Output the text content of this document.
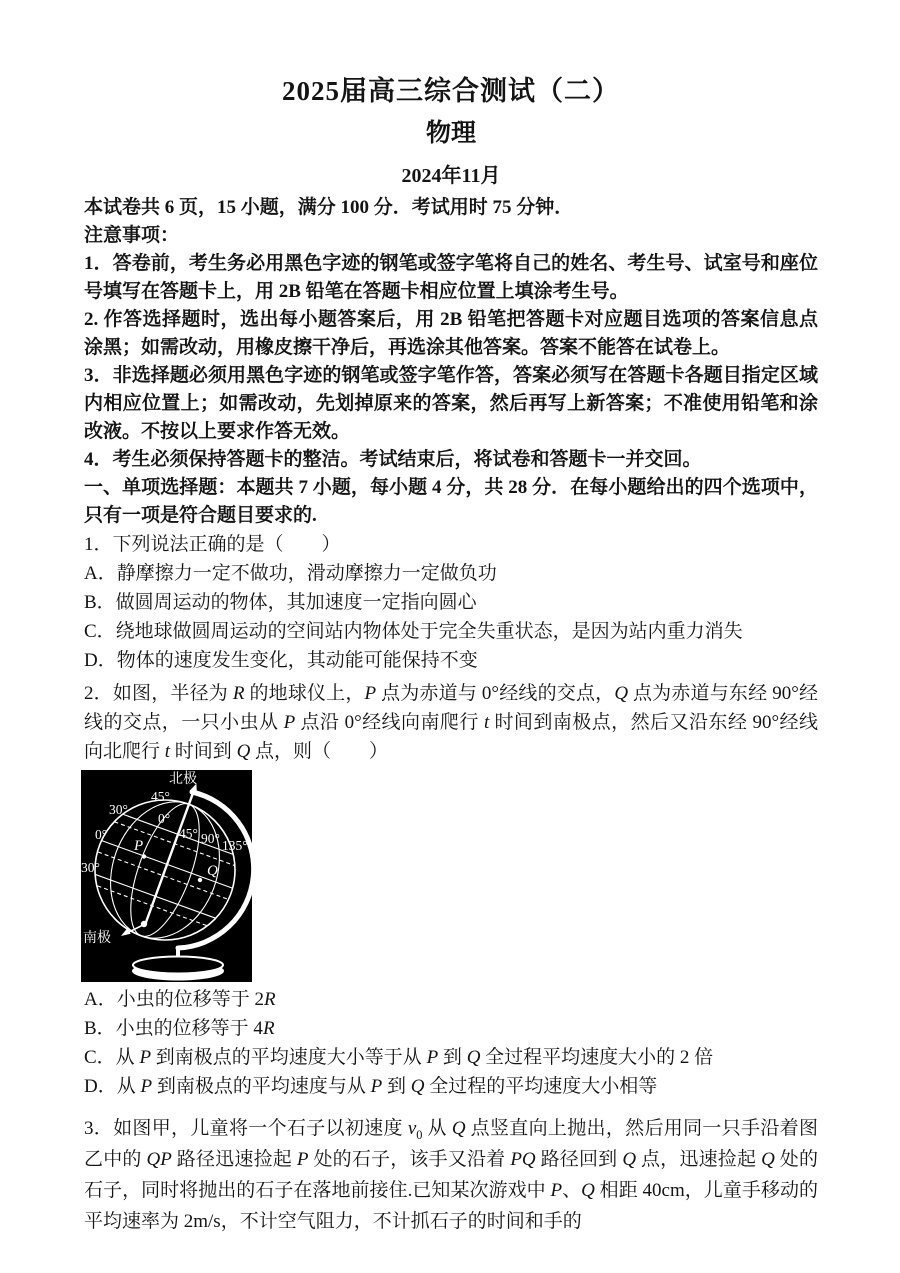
2025届高三综合测试（二）
物理
2024年11月

本试卷共 6 页，15 小题，满分 100 分．考试用时 75 分钟．

注意事项：

1．答卷前，考生务必用黑色字迹的钢笔或签字笔将自己的姓名、考生号、试室号和座位号填写在答题卡上，用 2B 铅笔在答题卡相应位置上填涂考生号。

2. 作答选择题时，选出每小题答案后，用 2B 铅笔把答题卡对应题目选项的答案信息点涂黑；如需改动，用橡皮擦干净后，再选涂其他答案。答案不能答在试卷上。

3．非选择题必须用黑色字迹的钢笔或签字笔作答，答案必须写在答题卡各题目指定区域内相应位置上；如需改动，先划掉原来的答案，然后再写上新答案；不准使用铅笔和涂改液。不按以上要求作答无效。

4．考生必须保持答题卡的整洁。考试结束后，将试卷和答题卡一并交回。

一、单项选择题：本题共 7 小题，每小题 4 分，共 28 分．在每小题给出的四个选项中，只有一项是符合题目要求的.

1．下列说法正确的是（　　）

A．静摩擦力一定不做功，滑动摩擦力一定做负功

B．做圆周运动的物体，其加速度一定指向圆心

C．绕地球做圆周运动的空间站内物体处于完全失重状态，是因为站内重力消失

D．物体的速度发生变化，其动能可能保持不变

2．如图，半径为 R 的地球仪上，P 点为赤道与 0°经线的交点，Q 点为赤道与东经 90°经线的交点，一只小虫从 P 点沿 0°经线向南爬行 t 时间到南极点，然后又沿东经 90°经线向北爬行 t 时间到 Q 点，则（　　）

北极
南极
45°
30°
0°
30°
0°
45° 90° 135°
P
Q

A．小虫的位移等于 2R

B．小虫的位移等于 4R

C．从 P 到南极点的平均速度大小等于从 P 到 Q 全过程平均速度大小的 2 倍

D．从 P 到南极点的平均速度与从 P 到 Q 全过程的平均速度大小相等

3．如图甲，儿童将一个石子以初速度 $v_0$ 从 Q 点竖直向上抛出，然后用同一只手沿着图乙中的 QP 路径迅速捡起 P 处的石子，该手又沿着 PQ 路径回到 Q 点，迅速捡起 Q 处的石子，同时将抛出的石子在落地前接住.已知某次游戏中 P、Q 相距 40cm，儿童手移动的平均速率为 2m/s，不计空气阻力，不计抓石子的时间和手的
